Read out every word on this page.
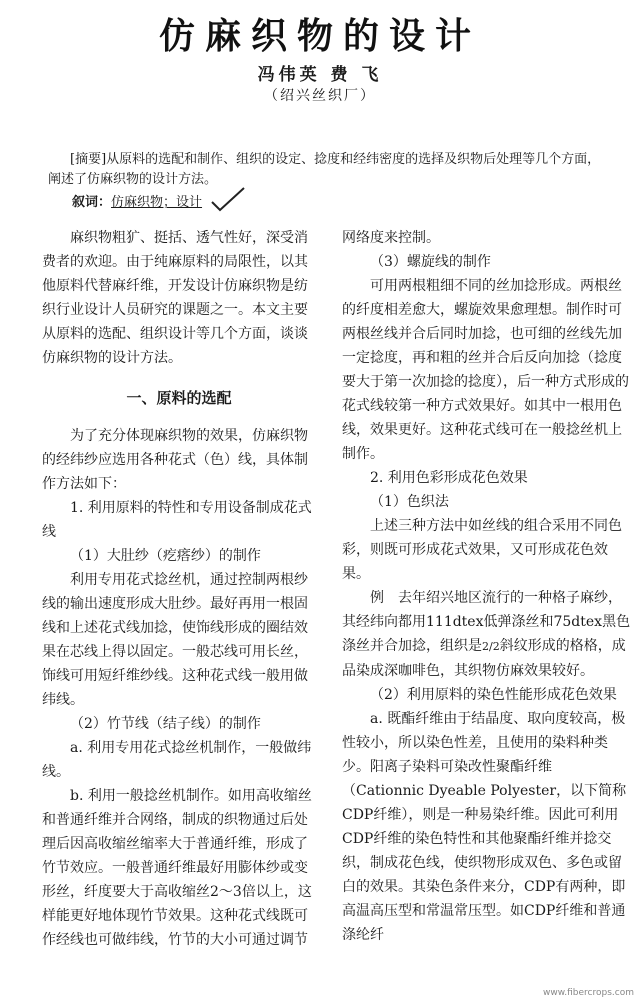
仿麻织物的设计
冯伟英 费 飞
（绍兴丝织厂）

[摘要]从原料的选配和制作、组织的设定、捻度和经纬密度的选择及织物后处理等几个方面，阐述了仿麻织物的设计方法。

叙词：仿麻织物；设计

麻织物粗犷、挺括、透气性好，深受消费者的欢迎。由于纯麻原料的局限性，以其他原料代替麻纤维，开发设计仿麻织物是纺织行业设计人员研究的课题之一。本文主要从原料的选配、组织设计等几个方面，谈谈仿麻织物的设计方法。

一、原料的选配

为了充分体现麻织物的效果，仿麻织物的经纬纱应选用各种花式（色）线，具体制作方法如下：

1. 利用原料的特性和专用设备制成花式线

（1）大肚纱（疙瘩纱）的制作

利用专用花式捻丝机，通过控制两根纱线的输出速度形成大肚纱。最好再用一根固线和上述花式线加捻，使饰线形成的圈结效果在芯线上得以固定。一般芯线可用长丝，饰线可用短纤维纱线。这种花式线一般用做纬线。

（2）竹节线（结子线）的制作

a. 利用专用花式捻丝机制作，一般做纬线。

b. 利用一般捻丝机制作。如用高收缩丝和普通纤维并合网络，制成的织物通过后处理后因高收缩丝缩率大于普通纤维，形成了竹节效应。一般普通纤维最好用膨体纱或变形丝，纤度要大于高收缩丝2～3倍以上，这样能更好地体现竹节效果。这种花式线既可作经线也可做纬线，竹节的大小可通过调节

网络度来控制。

（3）螺旋线的制作

可用两根粗细不同的丝加捻形成。两根丝的纤度相差愈大，螺旋效果愈理想。制作时可两根丝线并合后同时加捻，也可细的丝线先加一定捻度，再和粗的丝并合后反向加捻（捻度要大于第一次加捻的捻度），后一种方式形成的花式线较第一种方式效果好。如其中一根用色线，效果更好。这种花式线可在一般捻丝机上制作。

2. 利用色彩形成花色效果

（1）色织法

上述三种方法中如丝线的组合采用不同色彩，则既可形成花式效果，又可形成花色效果。

例　去年绍兴地区流行的一种格子麻纱，其经纬向都用111dtex低弹涤丝和75dtex黑色涤丝并合加捻，组织是2/2斜纹形成的格格，成品染成深咖啡色，其织物仿麻效果较好。

（2）利用原料的染色性能形成花色效果

a. 既酯纤维由于结晶度、取向度较高，极性较小，所以染色性差，且使用的染料种类少。阳离子染料可染改性聚酯纤维（Cationnic Dyeable Polyester，以下简称CDP纤维），则是一种易染纤维。因此可利用CDP纤维的染色特性和其他聚酯纤维并捻交织，制成花色线，使织物形成双色、多色或留白的效果。其染色条件来分，CDP有两种，即高温高压型和常温常压型。如CDP纤维和普通涤纶纤

www.fibercrops.com
